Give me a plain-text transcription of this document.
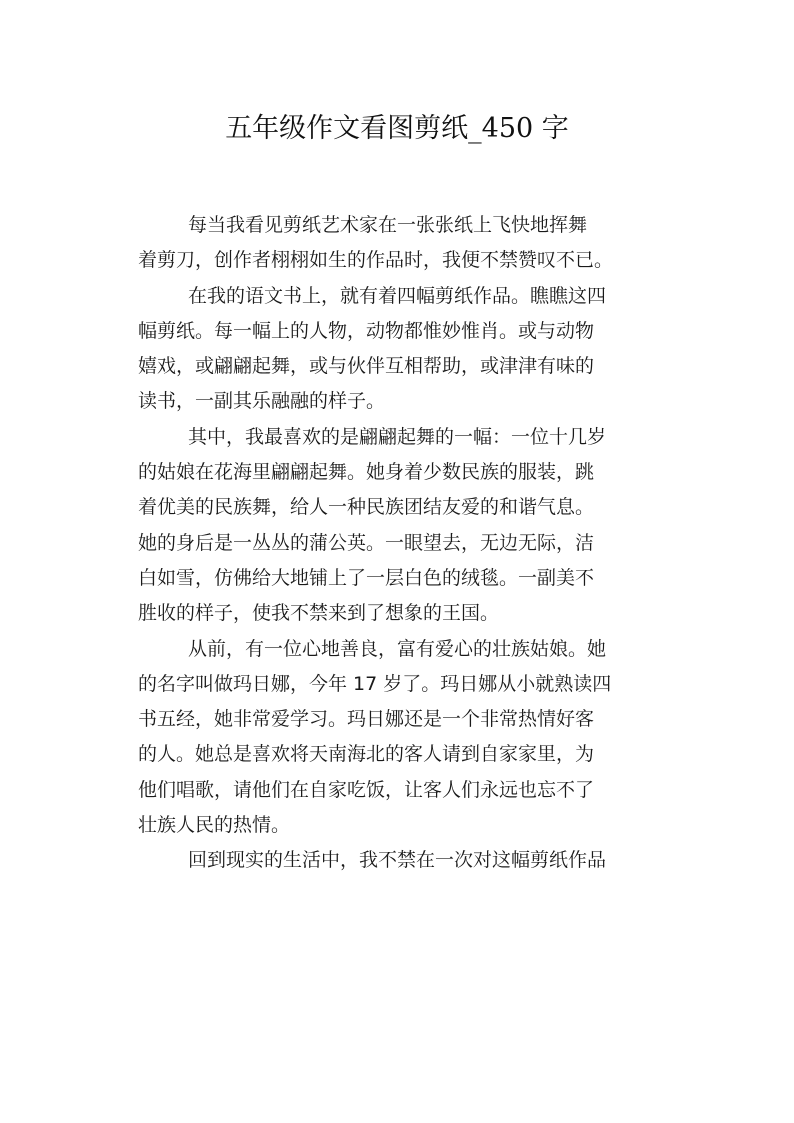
五年级作文看图剪纸_450 字
每当我看见剪纸艺术家在一张张纸上飞快地挥舞
着剪刀，创作者栩栩如生的作品时，我便不禁赞叹不已。
在我的语文书上，就有着四幅剪纸作品。瞧瞧这四
幅剪纸。每一幅上的人物，动物都惟妙惟肖。或与动物
嬉戏，或翩翩起舞，或与伙伴互相帮助，或津津有味的
读书，一副其乐融融的样子。
其中，我最喜欢的是翩翩起舞的一幅：一位十几岁
的姑娘在花海里翩翩起舞。她身着少数民族的服装，跳
着优美的民族舞，给人一种民族团结友爱的和谐气息。
她的身后是一丛丛的蒲公英。一眼望去，无边无际，洁
白如雪，仿佛给大地铺上了一层白色的绒毯。一副美不
胜收的样子，使我不禁来到了想象的王国。
从前，有一位心地善良，富有爱心的壮族姑娘。她
的名字叫做玛日娜，今年 17 岁了。玛日娜从小就熟读四
书五经，她非常爱学习。玛日娜还是一个非常热情好客
的人。她总是喜欢将天南海北的客人请到自家家里，为
他们唱歌，请他们在自家吃饭，让客人们永远也忘不了
壮族人民的热情。
回到现实的生活中，我不禁在一次对这幅剪纸作品
